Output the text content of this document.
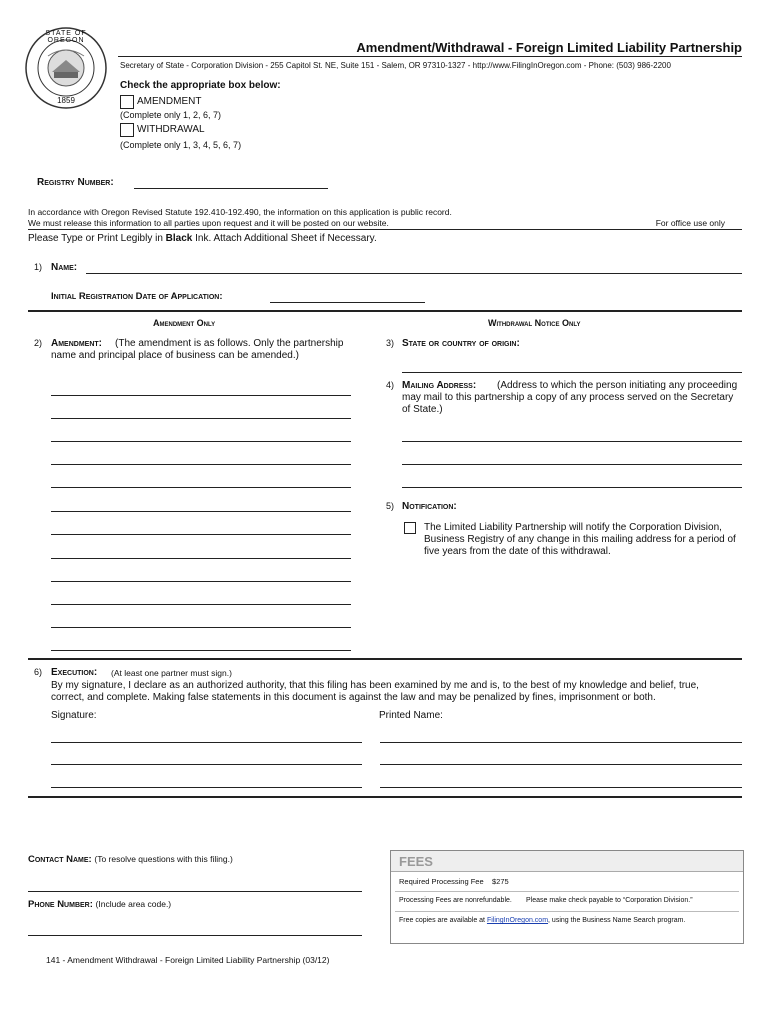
STATE OF OREGON
1859
Amendment/Withdrawal - Foreign Limited Liability Partnership
Secretary of State - Corporation Division - 255 Capitol St. NE, Suite 151 - Salem, OR 97310-1327 - http://www.FilingInOregon.com - Phone: (503) 986-2200
Check the appropriate box below:
AMENDMENT
(Complete only 1, 2, 6, 7)
WITHDRAWAL
(Complete only 1, 3, 4, 5, 6, 7)
Registry Number:
In accordance with Oregon Revised Statute 192.410-192.490, the information on this application is public record.
We must release this information to all parties upon request and it will be posted on our website.	For office use only
Please Type or Print Legibly in Black Ink. Attach Additional Sheet if Necessary.
1) Name:
Initial Registration Date of Application:
Amendment Only
2) Amendment: (The amendment is as follows. Only the partnership
name and principal place of business can be amended.)
Withdrawal Notice Only
3) State or country of origin:
4) Mailing Address: (Address to which the person initiating any proceeding
may mail to this partnership a copy of any process served on the Secretary
of State.)
5) Notification:
The Limited Liability Partnership will notify the Corporation Division,
Business Registry of any change in this mailing address for a period of
five years from the date of this withdrawal.
6) Execution: (At least one partner must sign.)
By my signature, I declare as an authorized authority, that this filing has been examined by me and is, to the best of my knowledge and belief, true,
correct, and complete. Making false statements in this document is against the law and may be penalized by fines, imprisonment or both.
Signature:	Printed Name:
Contact Name: (To resolve questions with this filing.)
Phone Number: (Include area code.)
FEES
Required Processing Fee $275
Processing Fees are nonrefundable. Please make check payable to “Corporation Division.”
Free copies are available at FilingInOregon.com, using the Business Name Search program.
141 - Amendment Withdrawal - Foreign Limited Liability Partnership (03/12)
